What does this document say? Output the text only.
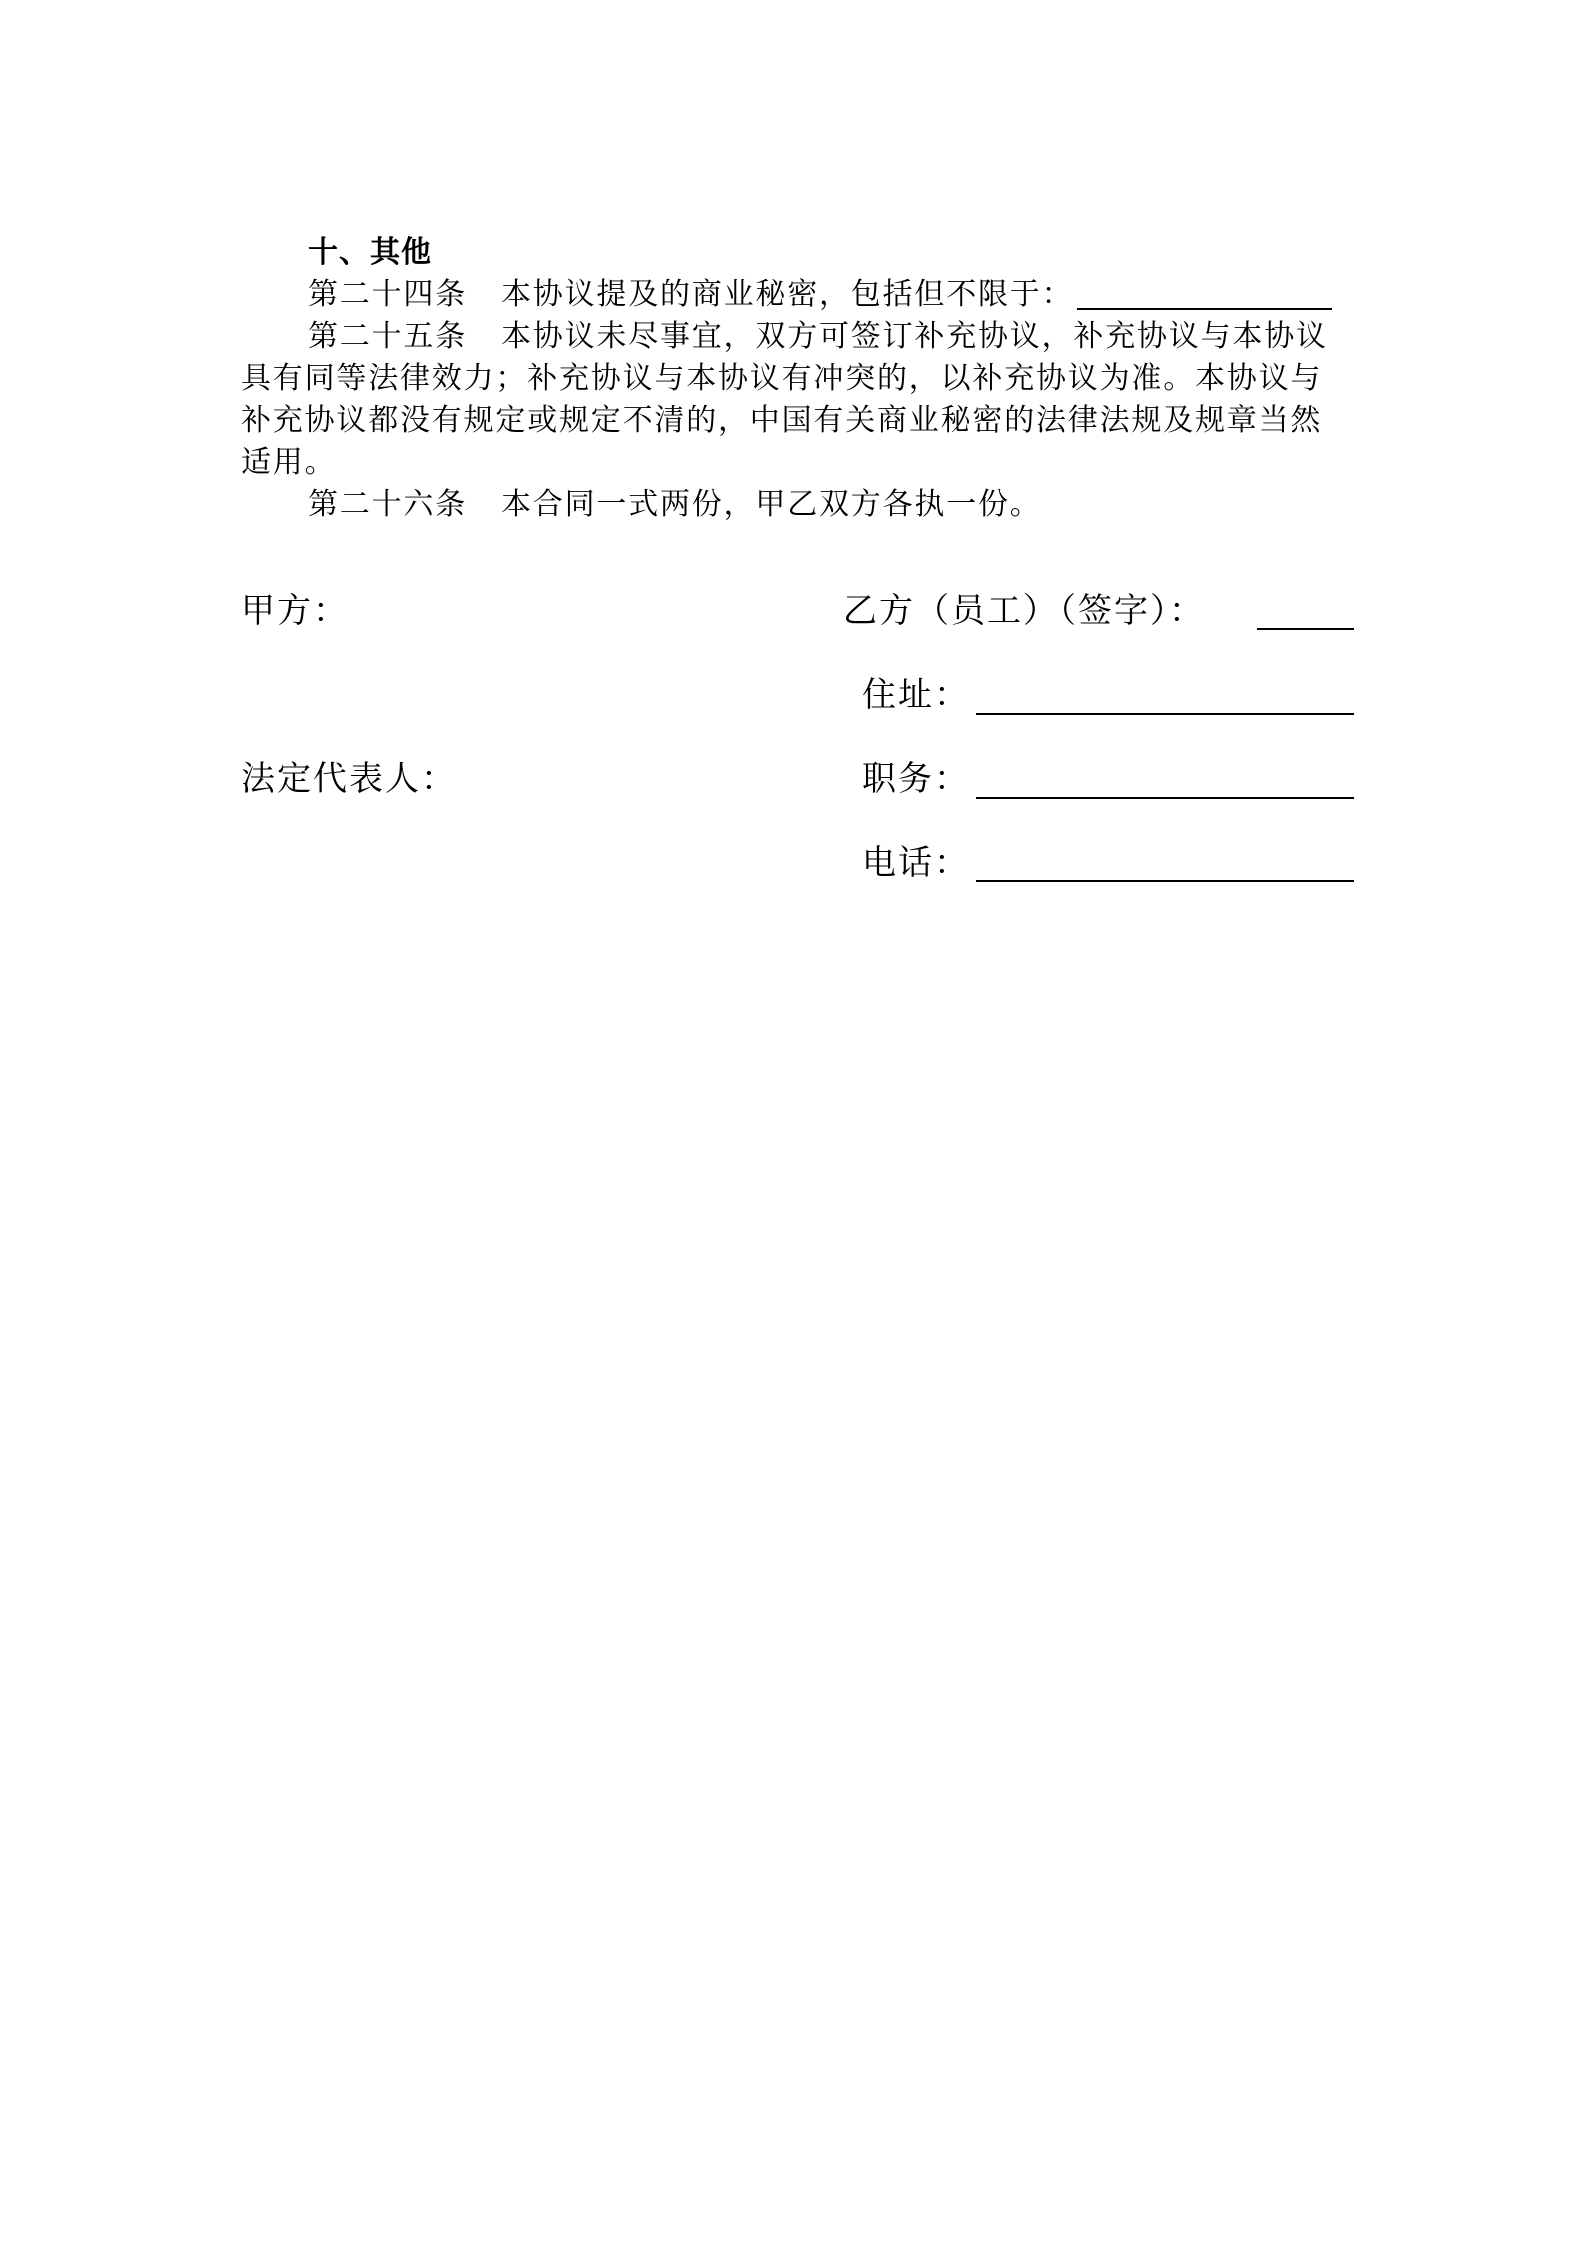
十、其他

第二十四条 本协议提及的商业秘密，包括但不限于：

第二十五条 本协议未尽事宜，双方可签订补充协议，补充协议与本协议具有同等法律效力；补充协议与本协议有冲突的，以补充协议为准。本协议与补充协议都没有规定或规定不清的，中国有关商业秘密的法律法规及规章当然适用。

第二十六条 本合同一式两份，甲乙双方各执一份。

甲方：
法定代表人：
乙方（员工）（签字）：
住址：
职务：
电话：
